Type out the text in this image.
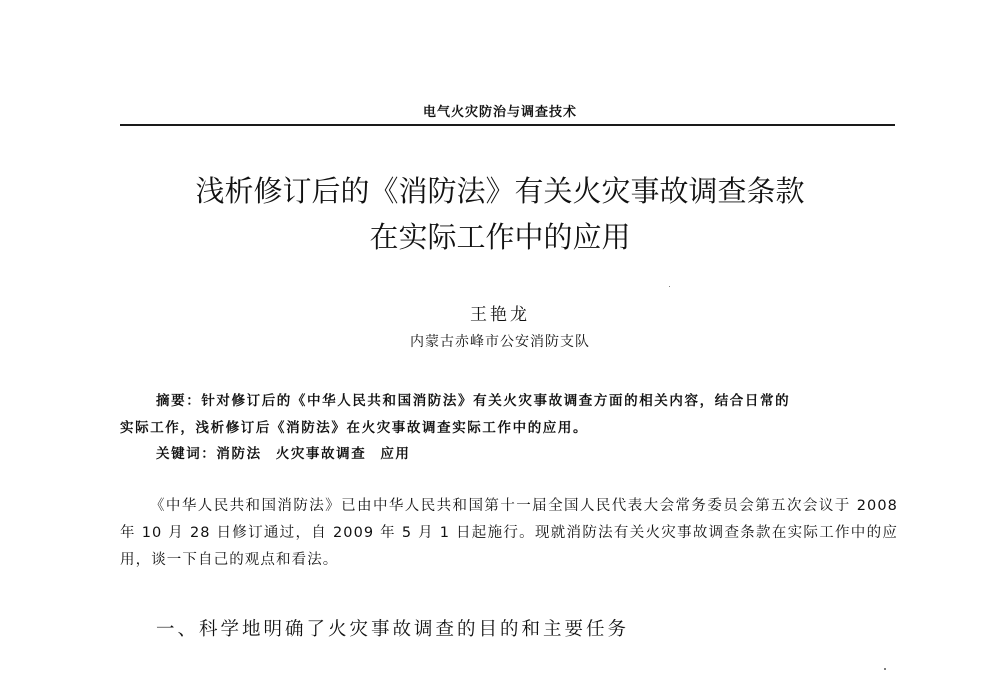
电气火灾防治与调查技术
浅析修订后的《消防法》有关火灾事故调查条款
在实际工作中的应用
王艳龙
内蒙古赤峰市公安消防支队
摘要：针对修订后的《中华人民共和国消防法》有关火灾事故调查方面的相关内容，结合日常的
实际工作，浅析修订后《消防法》在火灾事故调查实际工作中的应用。
关键词：消防法 火灾事故调查 应用

《中华人民共和国消防法》已由中华人民共和国第十一届全国人民代表大会常务委员会第五次会议于 2008 年 10 月 28 日修订通过，自 2009 年 5 月 1 日起施行。现就消防法有关火灾事故调查条款在实际工作中的应用，谈一下自己的观点和看法。

一、科学地明确了火灾事故调查的目的和主要任务
